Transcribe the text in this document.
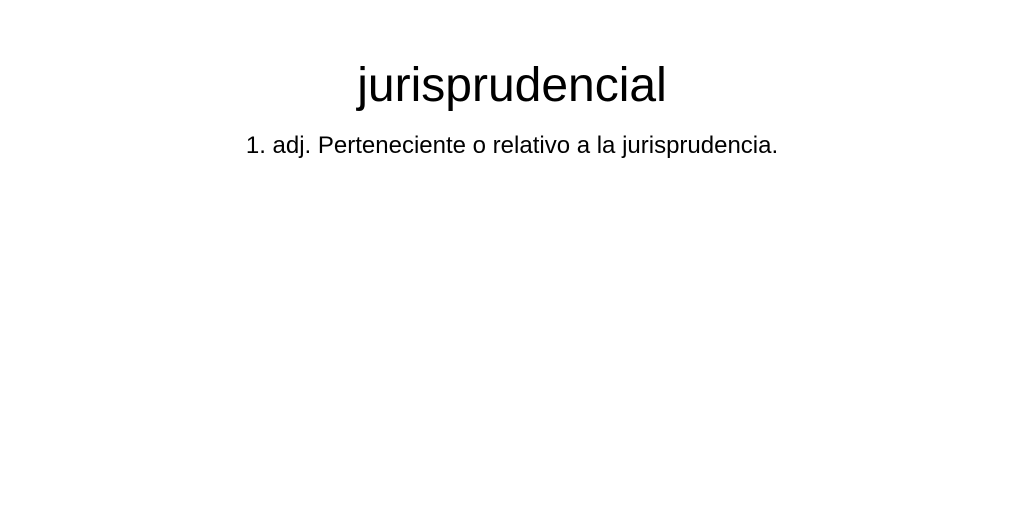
jurisprudencial

1. adj. Perteneciente o relativo a la jurisprudencia.
